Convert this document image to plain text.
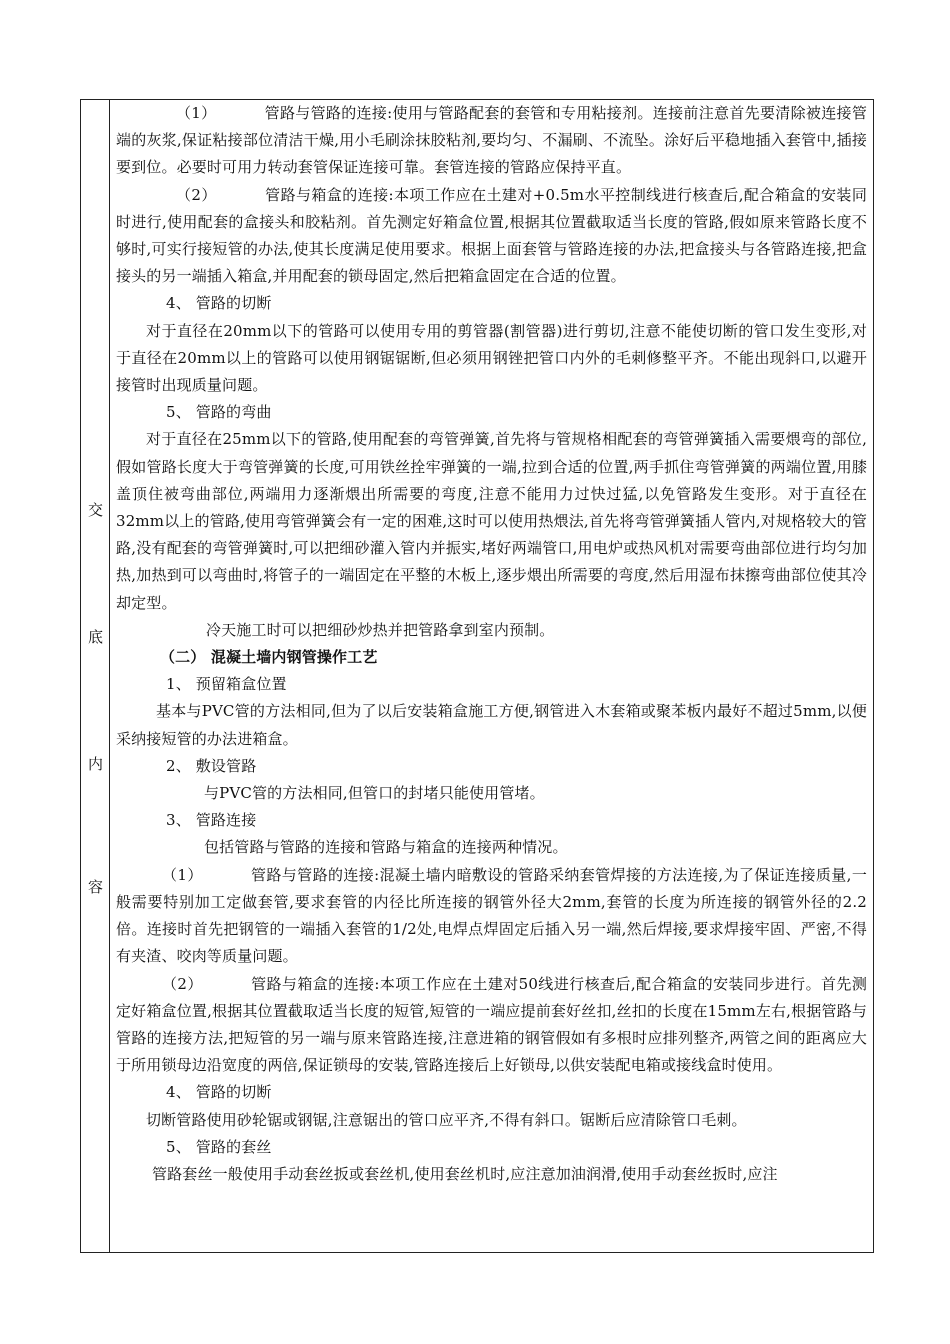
交
底
内
容

（1）	管路与管路的连接:使用与管路配套的套管和专用粘接剂。连接前注意首先要清除被连接管端的灰浆,保证粘接部位清洁干燥,用小毛刷涂抹胶粘剂,要均匀、不漏刷、不流坠。涂好后平稳地插入套管中,插接要到位。必要时可用力转动套管保证连接可靠。套管连接的管路应保持平直。

（2）	管路与箱盒的连接:本项工作应在土建对+0.5m水平控制线进行核查后,配合箱盒的安装同时进行,使用配套的盒接头和胶粘剂。首先测定好箱盒位置,根据其位置截取适当长度的管路,假如原来管路长度不够时,可实行接短管的办法,使其长度满足使用要求。根据上面套管与管路连接的办法,把盒接头与各管路连接,把盒接头的另一端插入箱盒,并用配套的锁母固定,然后把箱盒固定在合适的位置。

4、 管路的切断

对于直径在20mm以下的管路可以使用专用的剪管器(割管器)进行剪切,注意不能使切断的管口发生变形,对于直径在20mm以上的管路可以使用钢锯锯断,但必须用钢锉把管口内外的毛刺修整平齐。不能出现斜口,以避开接管时出现质量问题。

5、 管路的弯曲

对于直径在25mm以下的管路,使用配套的弯管弹簧,首先将与管规格相配套的弯管弹簧插入需要煨弯的部位,假如管路长度大于弯管弹簧的长度,可用铁丝拴牢弹簧的一端,拉到合适的位置,两手抓住弯管弹簧的两端位置,用膝盖顶住被弯曲部位,两端用力逐渐煨出所需要的弯度,注意不能用力过快过猛,以免管路发生变形。对于直径在32mm以上的管路,使用弯管弹簧会有一定的困难,这时可以使用热煨法,首先将弯管弹簧插人管内,对规格较大的管路,没有配套的弯管弹簧时,可以把细砂灌入管内并振实,堵好两端管口,用电炉或热风机对需要弯曲部位进行均匀加热,加热到可以弯曲时,将管子的一端固定在平整的木板上,逐步煨出所需要的弯度,然后用湿布抹擦弯曲部位使其冷却定型。

冷天施工时可以把细砂炒热并把管路拿到室内预制。

（二） 混凝土墙内钢管操作工艺

1、 预留箱盒位置

基本与PVC管的方法相同,但为了以后安装箱盒施工方便,钢管进入木套箱或聚苯板内最好不超过5mm,以便采纳接短管的办法进箱盒。

2、 敷设管路

与PVC管的方法相同,但管口的封堵只能使用管堵。

3、 管路连接

包括管路与管路的连接和管路与箱盒的连接两种情况。

（1）	管路与管路的连接:混凝土墙内暗敷设的管路采纳套管焊接的方法连接,为了保证连接质量,一般需要特别加工定做套管,要求套管的内径比所连接的钢管外径大2mm,套管的长度为所连接的钢管外径的2.2倍。连接时首先把钢管的一端插入套管的1/2处,电焊点焊固定后插入另一端,然后焊接,要求焊接牢固、严密,不得有夹渣、咬肉等质量问题。

（2）	管路与箱盒的连接:本项工作应在土建对50线进行核查后,配合箱盒的安装同步进行。首先测定好箱盒位置,根据其位置截取适当长度的短管,短管的一端应提前套好丝扣,丝扣的长度在15mm左右,根据管路与管路的连接方法,把短管的另一端与原来管路连接,注意进箱的钢管假如有多根时应排列整齐,两管之间的距离应大于所用锁母边沿宽度的两倍,保证锁母的安装,管路连接后上好锁母,以供安装配电箱或接线盒时使用。

4、 管路的切断

切断管路使用砂轮锯或钢锯,注意锯出的管口应平齐,不得有斜口。锯断后应清除管口毛刺。

5、 管路的套丝

管路套丝一般使用手动套丝扳或套丝机,使用套丝机时,应注意加油润滑,使用手动套丝扳时,应注
